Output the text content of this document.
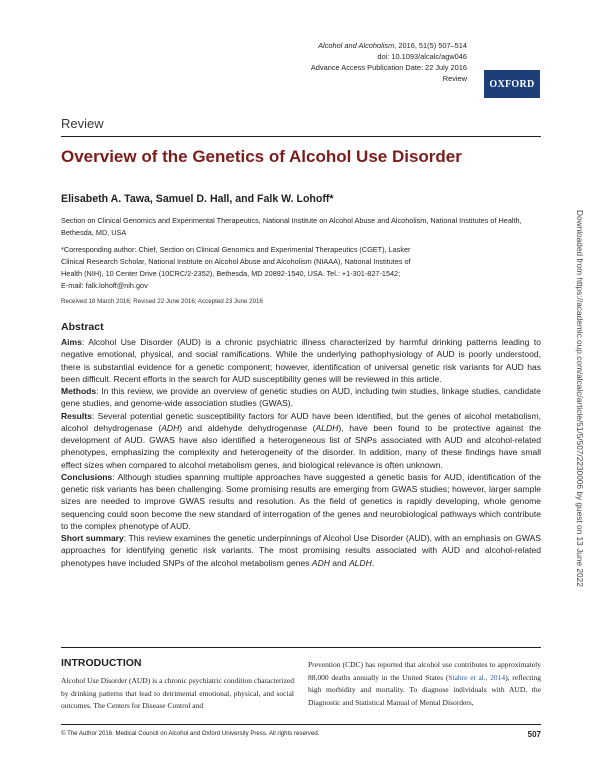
Alcohol and Alcoholism, 2016, 51(5) 507–514
doi: 10.1093/alcalc/agw046
Advance Access Publication Date: 22 July 2016
Review	OXFORD
Review
Overview of the Genetics of Alcohol Use Disorder
Elisabeth A. Tawa, Samuel D. Hall, and Falk W. Lohoff*
Section on Clinical Genomics and Experimental Therapeutics, National Institute on Alcohol Abuse and Alcoholism, National Institutes of Health, Bethesda, MD, USA
*Corresponding author: Chief, Section on Clinical Genomics and Experimental Therapeutics (CGET), Lasker
Clinical Research Scholar, National Institute on Alcohol Abuse and Alcoholism (NIAAA), National Institutes of
Health (NIH), 10 Center Drive (10CRC/2-2352), Bethesda, MD 20892-1540, USA. Tel.: +1-301-827-1542;
E-mail: falk.lohoff@nih.gov
Received 18 March 2016; Revised 22 June 2016; Accepted 23 June 2016
Abstract

Aims: Alcohol Use Disorder (AUD) is a chronic psychiatric illness characterized by harmful drinking patterns leading to negative emotional, physical, and social ramifications. While the underlying pathophysiology of AUD is poorly understood, there is substantial evidence for a genetic component; however, identification of universal genetic risk variants for AUD has been difficult. Recent efforts in the search for AUD susceptibility genes will be reviewed in this article.

Methods: In this review, we provide an overview of genetic studies on AUD, including twin studies, linkage studies, candidate gene studies, and genome-wide association studies (GWAS).

Results: Several potential genetic susceptibility factors for AUD have been identified, but the genes of alcohol metabolism, alcohol dehydrogenase (ADH) and aldehyde dehydrogenase (ALDH), have been found to be protective against the development of AUD. GWAS have also identified a heterogeneous list of SNPs associated with AUD and alcohol-related phenotypes, emphasizing the complexity and heterogeneity of the disorder. In addition, many of these findings have small effect sizes when compared to alcohol metabolism genes, and biological relevance is often unknown.

Conclusions: Although studies spanning multiple approaches have suggested a genetic basis for AUD, identification of the genetic risk variants has been challenging. Some promising results are emerging from GWAS studies; however, larger sample sizes are needed to improve GWAS results and resolution. As the field of genetics is rapidly developing, whole genome sequencing could soon become the new standard of interrogation of the genes and neurobiological pathways which contribute to the complex phenotype of AUD.

Short summary: This review examines the genetic underpinnings of Alcohol Use Disorder (AUD), with an emphasis on GWAS approaches for identifying genetic risk variants. The most promising results associated with AUD and alcohol-related phenotypes have included SNPs of the alcohol metabolism genes ADH and ALDH.

INTRODUCTION
Alcohol Use Disorder (AUD) is a chronic psychiatric condition characterized by drinking patterns that lead to detrimental emotional, physical, and social outcomes. The Centers for Disease Control and
Prevention (CDC) has reported that alcohol use contributes to approximately 88,000 deaths annually in the United States (Stahre et al., 2014), reflecting high morbidity and mortality. To diagnose individuals with AUD, the Diagnostic and Statistical Manual of Mental Disorders,
© The Author 2016. Medical Council on Alcohol and Oxford University Press. All rights reserved.	507
Downloaded from https://academic.oup.com/alcalc/article/51/5/507/2230006 by guest on 13 June 2022
